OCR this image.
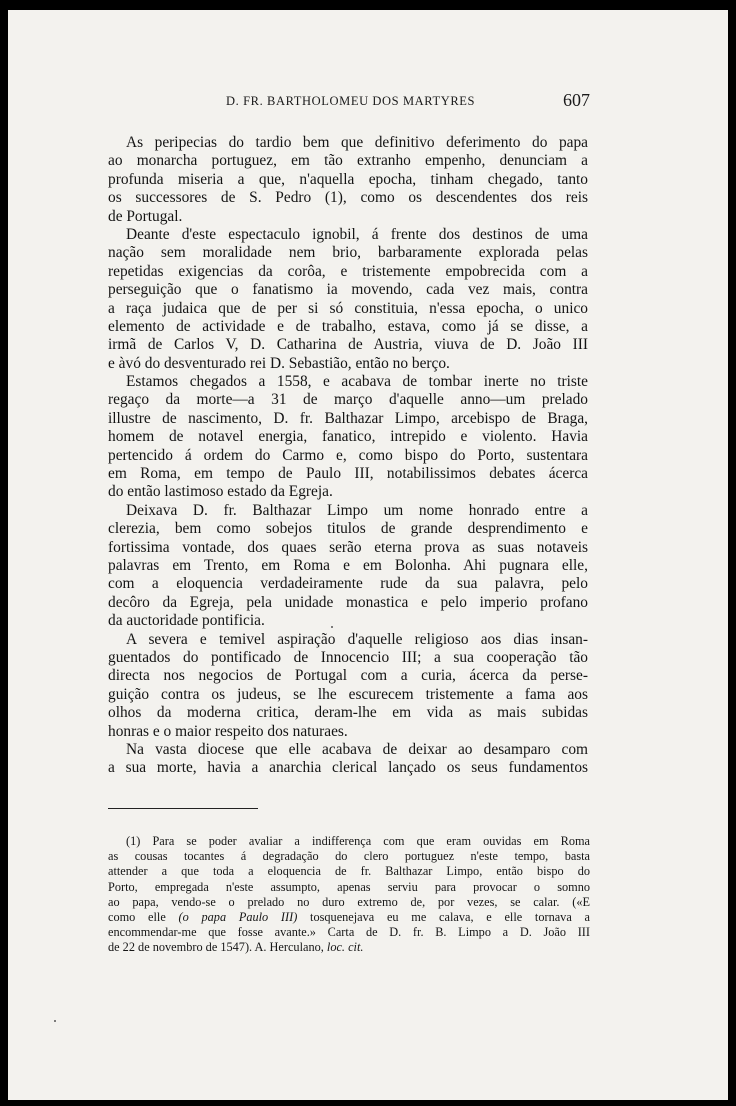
D. FR. BARTHOLOMEU DOS MARTYRES	607
As peripecias do tardio bem que definitivo deferimento do papa
ao monarcha portuguez, em tão extranho empenho, denunciam a
profunda miseria a que, n'aquella epocha, tinham chegado, tanto
os successores de S. Pedro (1), como os descendentes dos reis
de Portugal.
Deante d'este espectaculo ignobil, á frente dos destinos de uma
nação sem moralidade nem brio, barbaramente explorada pelas
repetidas exigencias da corôa, e tristemente empobrecida com a
perseguição que o fanatismo ia movendo, cada vez mais, contra
a raça judaica que de per si só constituia, n'essa epocha, o unico
elemento de actividade e de trabalho, estava, como já se disse, a
irmã de Carlos V, D. Catharina de Austria, viuva de D. João III
e àvó do desventurado rei D. Sebastião, então no berço.
Estamos chegados a 1558, e acabava de tombar inerte no triste
regaço da morte—a 31 de março d'aquelle anno—um prelado
illustre de nascimento, D. fr. Balthazar Limpo, arcebispo de Braga,
homem de notavel energia, fanatico, intrepido e violento. Havia
pertencido á ordem do Carmo e, como bispo do Porto, sustentara
em Roma, em tempo de Paulo III, notabilissimos debates ácerca
do então lastimoso estado da Egreja.
Deixava D. fr. Balthazar Limpo um nome honrado entre a
clerezia, bem como sobejos titulos de grande desprendimento e
fortissima vontade, dos quaes serão eterna prova as suas notaveis
palavras em Trento, em Roma e em Bolonha. Ahi pugnara elle,
com a eloquencia verdadeiramente rude da sua palavra, pelo
decôro da Egreja, pela unidade monastica e pelo imperio profano
da auctoridade pontificia.
A severa e temivel aspiração d'aquelle religioso aos dias insan-
guentados do pontificado de Innocencio III; a sua cooperação tão
directa nos negocios de Portugal com a curia, ácerca da perse-
guição contra os judeus, se lhe escurecem tristemente a fama aos
olhos da moderna critica, deram-lhe em vida as mais subidas
honras e o maior respeito dos naturaes.
Na vasta diocese que elle acabava de deixar ao desamparo com
a sua morte, havia a anarchia clerical lançado os seus fundamentos
(1) Para se poder avaliar a indifferença com que eram ouvidas em Roma
as cousas tocantes á degradação do clero portuguez n'este tempo, basta
attender a que toda a eloquencia de fr. Balthazar Limpo, então bispo do
Porto, empregada n'este assumpto, apenas serviu para provocar o somno
ao papa, vendo-se o prelado no duro extremo de, por vezes, se calar. («E
como elle (o papa Paulo III) tosquenejava eu me calava, e elle tornava a
encommendar-me que fosse avante.» Carta de D. fr. B. Limpo a D. João III
de 22 de novembro de 1547). A. Herculano, loc. cit.
